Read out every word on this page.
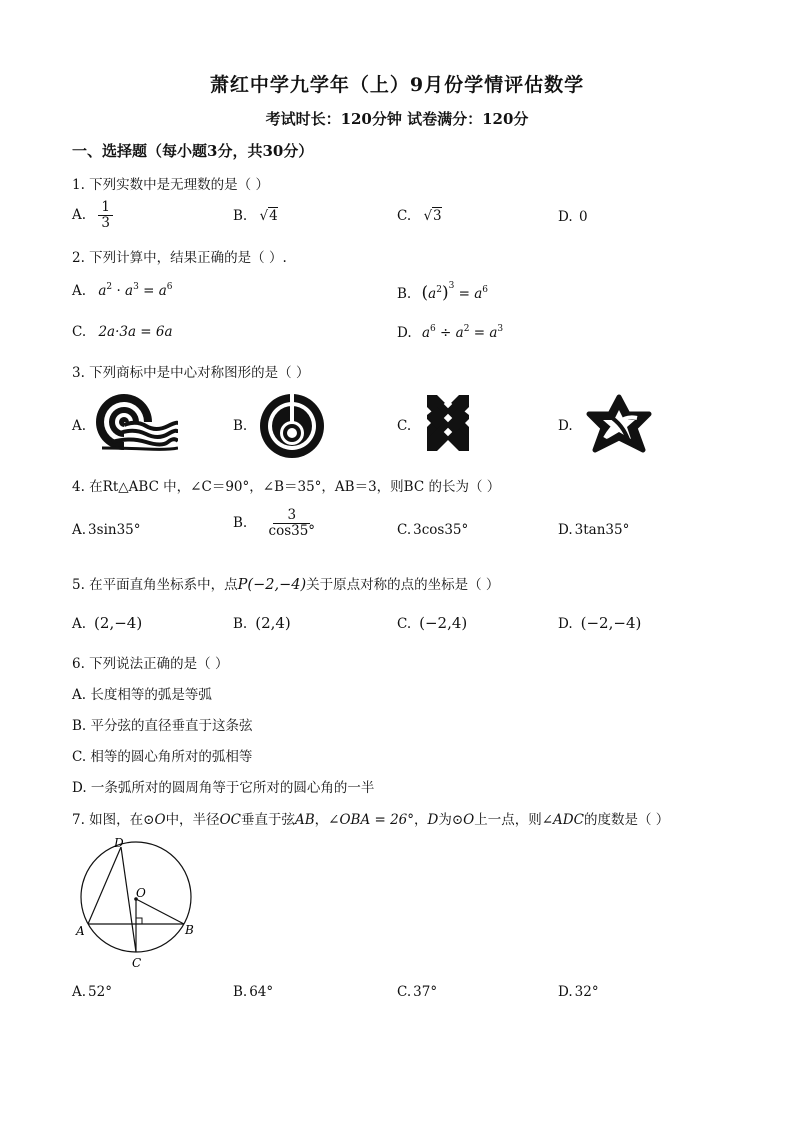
萧红中学九学年（上）9月份学情评估数学
考试时长：120分钟 试卷满分：120分
一、选择题（每小题3分，共30分）
1. 下列实数中是无理数的是（ ）
A. $\frac{1}{3}$	B. √4	C. √3	D. 0
2. 下列计算中，结果正确的是（ ）.
A. $a^2 \cdot a^3 = a^6$	B. $(a^2)^3 = a^6$
C. 2a·3a = 6a	D. $a^6 \div a^2 = a^3$
3. 下列商标中是中心对称图形的是（ ）
A.	B.	C.	D.
4. 在Rt△ABC 中，∠C＝90°，∠B＝35°，AB＝3，则BC 的长为（ ）
A. 3sin35°	B. $\frac{3}{\cos 35^\circ}$	C. 3cos35°	D. 3tan35°
5. 在平面直角坐标系中，点P(−2,−4)关于原点对称的点的坐标是（ ）
A. (2,−4)	B. (2,4)	C. (−2,4)	D. (−2,−4)
6. 下列说法正确的是（ ）
A. 长度相等的弧是等弧
B. 平分弦的直径垂直于这条弦
C. 相等的圆心角所对的弧相等
D. 一条弧所对的圆周角等于它所对的圆心角的一半
7. 如图，在⊙O中，半径OC垂直于弦AB，∠OBA = 26°，D为⊙O上一点，则∠ADC的度数是（ ）
D
O
A	B
C
A. 52°	B. 64°	C. 37°	D. 32°
